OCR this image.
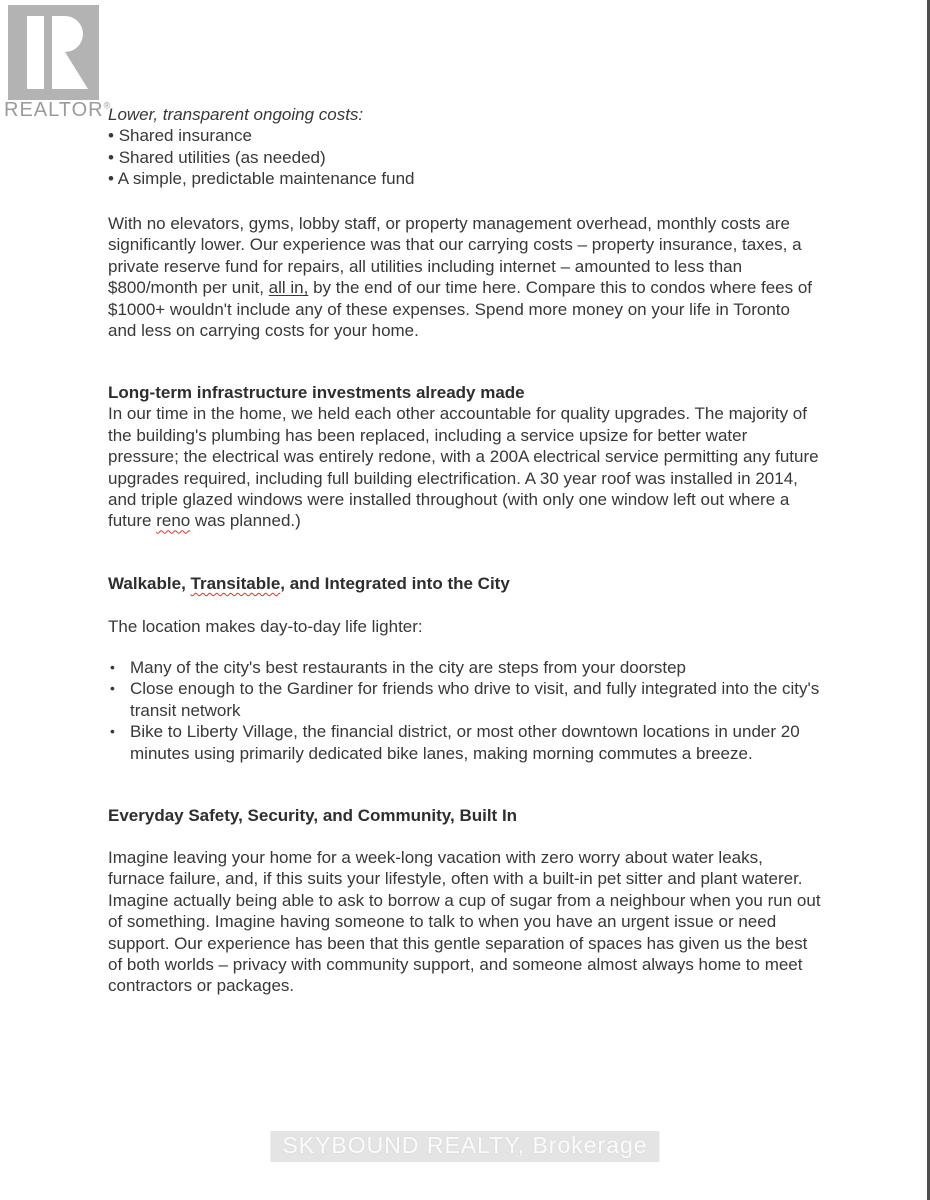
REALTOR®

Lower, transparent ongoing costs:

• Shared insurance
• Shared utilities (as needed)
• A simple, predictable maintenance fund

With no elevators, gyms, lobby staff, or property management overhead, monthly costs are significantly lower. Our experience was that our carrying costs – property insurance, taxes, a private reserve fund for repairs, all utilities including internet – amounted to less than $800/month per unit, all in, by the end of our time here. Compare this to condos where fees of $1000+ wouldn't include any of these expenses. Spend more money on your life in Toronto and less on carrying costs for your home.

Long-term infrastructure investments already made

In our time in the home, we held each other accountable for quality upgrades. The majority of the building's plumbing has been replaced, including a service upsize for better water pressure; the electrical was entirely redone, with a 200A electrical service permitting any future upgrades required, including full building electrification. A 30 year roof was installed in 2014, and triple glazed windows were installed throughout (with only one window left out where a future reno was planned.)

Walkable, Transitable, and Integrated into the City

The location makes day-to-day life lighter:

• Many of the city's best restaurants in the city are steps from your doorstep
• Close enough to the Gardiner for friends who drive to visit, and fully integrated into the city's transit network
• Bike to Liberty Village, the financial district, or most other downtown locations in under 20 minutes using primarily dedicated bike lanes, making morning commutes a breeze.

Everyday Safety, Security, and Community, Built In

Imagine leaving your home for a week-long vacation with zero worry about water leaks, furnace failure, and, if this suits your lifestyle, often with a built-in pet sitter and plant waterer. Imagine actually being able to ask to borrow a cup of sugar from a neighbour when you run out of something. Imagine having someone to talk to when you have an urgent issue or need support. Our experience has been that this gentle separation of spaces has given us the best of both worlds – privacy with community support, and someone almost always home to meet contractors or packages.

SKYBOUND REALTY, Brokerage
